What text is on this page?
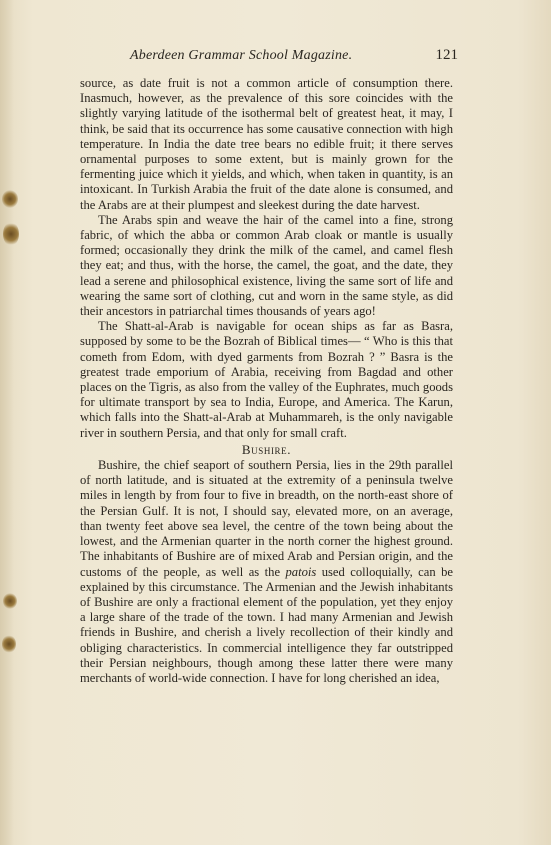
Aberdeen Grammar School Magazine.	121

source, as date fruit is not a common article of consumption there. Inasmuch, however, as the prevalence of this sore coincides with the slightly varying latitude of the isothermal belt of greatest heat, it may, I think, be said that its occurrence has some causative connection with high temperature. In India the date tree bears no edible fruit; it there serves ornamental purposes to some extent, but is mainly grown for the fermenting juice which it yields, and which, when taken in quantity, is an intoxicant. In Turkish Arabia the fruit of the date alone is consumed, and the Arabs are at their plumpest and sleekest during the date harvest.

The Arabs spin and weave the hair of the camel into a fine, strong fabric, of which the abba or common Arab cloak or mantle is usually formed; occasionally they drink the milk of the camel, and camel flesh they eat; and thus, with the horse, the camel, the goat, and the date, they lead a serene and philosophical existence, living the same sort of life and wearing the same sort of clothing, cut and worn in the same style, as did their ancestors in patriarchal times thousands of years ago!

The Shatt-al-Arab is navigable for ocean ships as far as Basra, supposed by some to be the Bozrah of Biblical times— “ Who is this that cometh from Edom, with dyed garments from Bozrah ? ” Basra is the greatest trade emporium of Arabia, receiving from Bagdad and other places on the Tigris, as also from the valley of the Euphrates, much goods for ultimate transport by sea to India, Europe, and America. The Karun, which falls into the Shatt-al-Arab at Muhammareh, is the only navigable river in southern Persia, and that only for small craft.

Bushire.

Bushire, the chief seaport of southern Persia, lies in the 29th parallel of north latitude, and is situated at the extremity of a peninsula twelve miles in length by from four to five in breadth, on the north-east shore of the Persian Gulf. It is not, I should say, elevated more, on an average, than twenty feet above sea level, the centre of the town being about the lowest, and the Armenian quarter in the north corner the highest ground. The inhabitants of Bushire are of mixed Arab and Persian origin, and the customs of the people, as well as the patois used colloquially, can be explained by this circumstance. The Armenian and the Jewish inhabitants of Bushire are only a fractional element of the population, yet they enjoy a large share of the trade of the town. I had many Armenian and Jewish friends in Bushire, and cherish a lively recollection of their kindly and obliging characteristics. In commercial intelligence they far outstripped their Persian neighbours, though among these latter there were many merchants of world-wide connection. I have for long cherished an idea,
